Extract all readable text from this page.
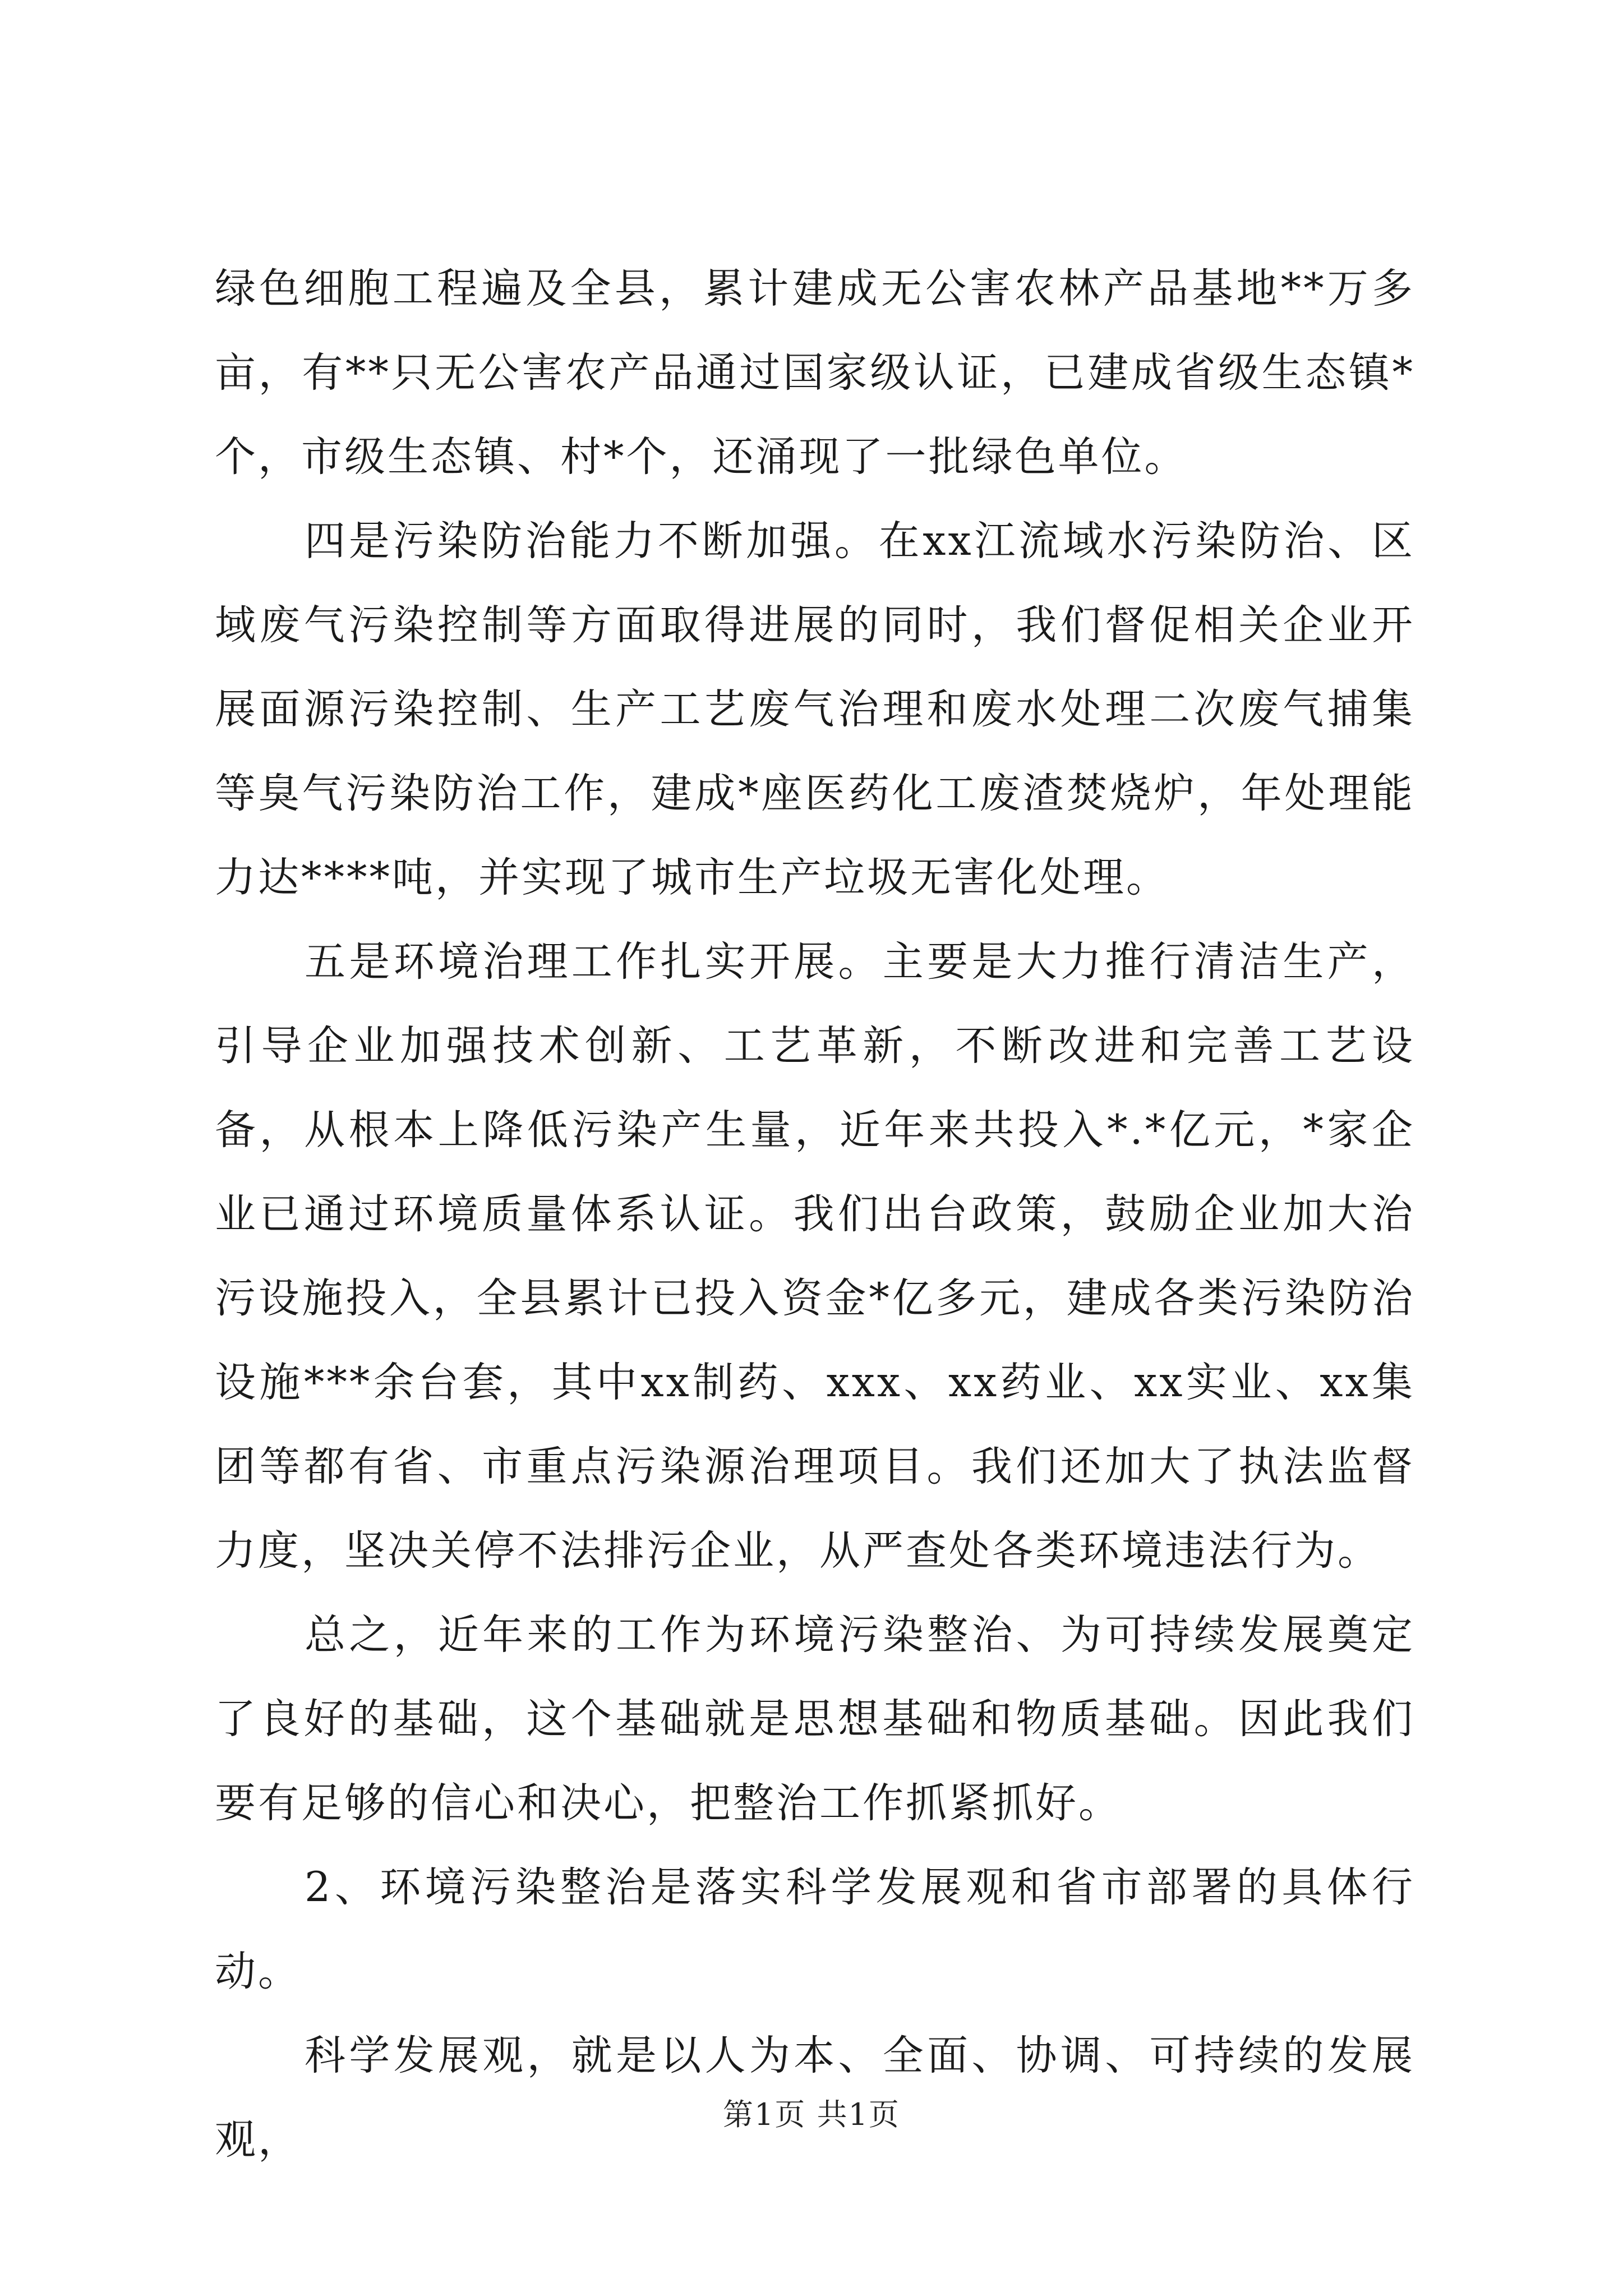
绿色细胞工程遍及全县，累计建成无公害农林产品基地**万多亩，有**只无公害农产品通过国家级认证，已建成省级生态镇*个，市级生态镇、村*个，还涌现了一批绿色单位。

四是污染防治能力不断加强。在xx江流域水污染防治、区域废气污染控制等方面取得进展的同时，我们督促相关企业开展面源污染控制、生产工艺废气治理和废水处理二次废气捕集等臭气污染防治工作，建成*座医药化工废渣焚烧炉，年处理能力达****吨，并实现了城市生产垃圾无害化处理。

五是环境治理工作扎实开展。主要是大力推行清洁生产，引导企业加强技术创新、工艺革新，不断改进和完善工艺设备，从根本上降低污染产生量，近年来共投入*.*亿元，*家企业已通过环境质量体系认证。我们出台政策，鼓励企业加大治污设施投入，全县累计已投入资金*亿多元，建成各类污染防治设施***余台套，其中xx制药、xxx、xx药业、xx实业、xx集团等都有省、市重点污染源治理项目。我们还加大了执法监督力度，坚决关停不法排污企业，从严查处各类环境违法行为。

总之，近年来的工作为环境污染整治、为可持续发展奠定了良好的基础，这个基础就是思想基础和物质基础。因此我们要有足够的信心和决心，把整治工作抓紧抓好。

2、环境污染整治是落实科学发展观和省市部署的具体行动。

科学发展观，就是以人为本、全面、协调、可持续的发展观，

第1页 共1页
